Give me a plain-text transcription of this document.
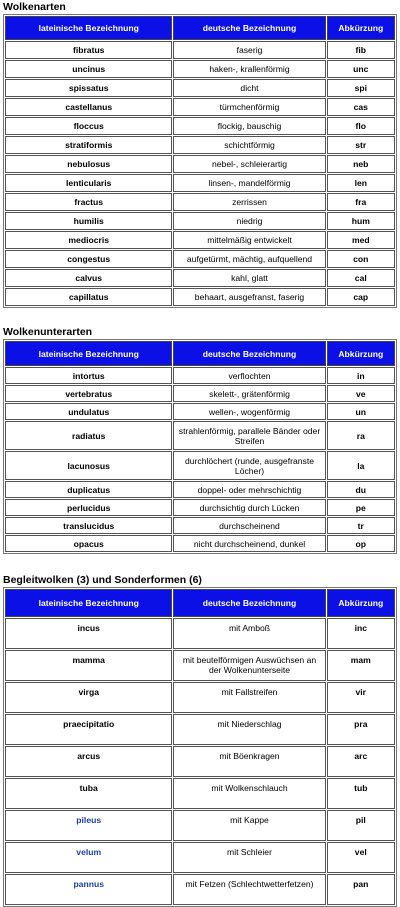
Wolkenarten
lateinische Bezeichnung	deutsche Bezeichnung	Abkürzung
fibratus	faserig	fib
uncinus	haken-, krallenförmig	unc
spissatus	dicht	spi
castellanus	türmchenförmig	cas
floccus	flockig, bauschig	flo
stratiformis	schichtförmig	str
nebulosus	nebel-, schleierartig	neb
lenticularis	linsen-, mandelförmig	len
fractus	zerrissen	fra
humilis	niedrig	hum
mediocris	mittelmäßig entwickelt	med
congestus	aufgetürmt, mächtig, aufquellend	con
calvus	kahl, glatt	cal
capillatus	behaart, ausgefranst, faserig	cap
Wolkenunterarten
lateinische Bezeichnung	deutsche Bezeichnung	Abkürzung
intortus	verflochten	in
vertebratus	skelett-, grätenförmig	ve
undulatus	wellen-, wogenförmig	un
radiatus	strahlenförmig, parallele Bänder oder Streifen	ra
lacunosus	durchlöchert (runde, ausgefranste Löcher)	la
duplicatus	doppel- oder mehrschichtig	du
perlucidus	durchsichtig durch Lücken	pe
translucidus	durchscheinend	tr
opacus	nicht durchscheinend, dunkel	op
Begleitwolken (3) und Sonderformen (6)
lateinische Bezeichnung	deutsche Bezeichnung	Abkürzung
incus	mit Amboß	inc
mamma	mit beutelförmigen Auswüchsen an der Wolkenunterseite	mam
virga	mit Fallstreifen	vir
praecipitatio	mit Niederschlag	pra
arcus	mit Böenkragen	arc
tuba	mit Wolkenschlauch	tub
pileus	mit Kappe	pil
velum	mit Schleier	vel
pannus	mit Fetzen (Schlechtwetterfetzen)	pan
